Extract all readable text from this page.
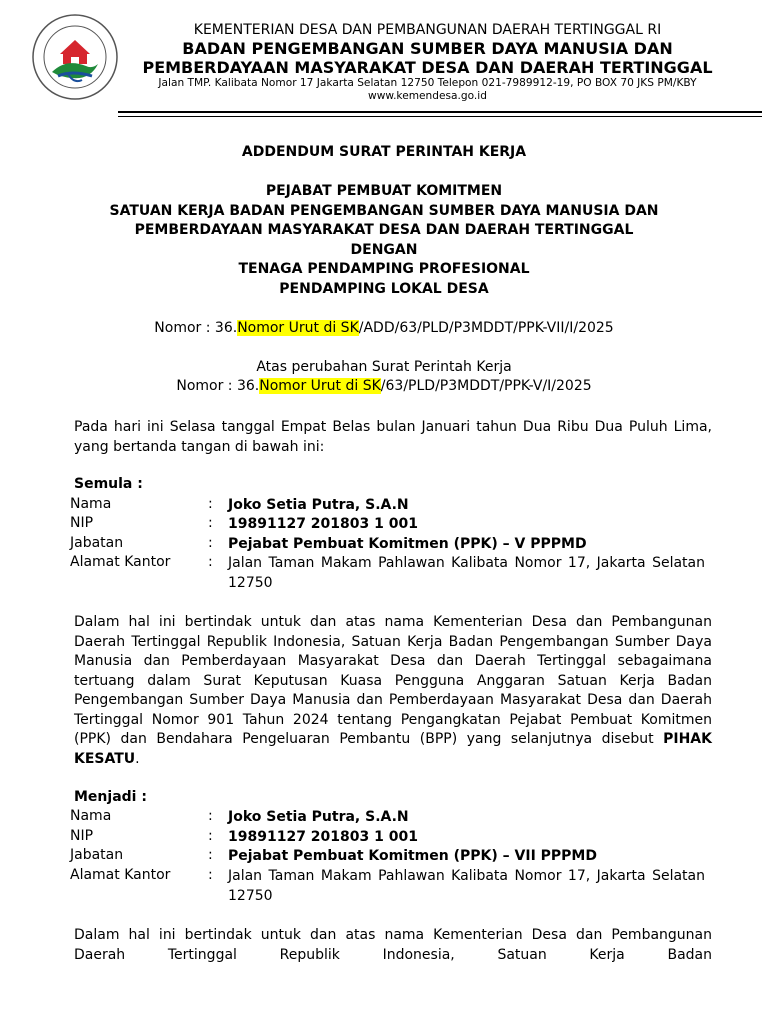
KEMENTERIAN DESA DAN PEMBANGUNAN DAERAH TERTINGGAL RI
BADAN PENGEMBANGAN SUMBER DAYA MANUSIA DAN
PEMBERDAYAAN MASYARAKAT DESA DAN DAERAH TERTINGGAL
Jalan TMP. Kalibata Nomor 17 Jakarta Selatan 12750 Telepon 021-7989912-19, PO BOX 70 JKS PM/KBY
www.kemendesa.go.id
ADDENDUM SURAT PERINTAH KERJA
PEJABAT PEMBUAT KOMITMEN
SATUAN KERJA BADAN PENGEMBANGAN SUMBER DAYA MANUSIA DAN
PEMBERDAYAAN MASYARAKAT DESA DAN DAERAH TERTINGGAL
DENGAN
TENAGA PENDAMPING PROFESIONAL
PENDAMPING LOKAL DESA
Nomor : 36.Nomor Urut di SK/ADD/63/PLD/P3MDDT/PPK-VII/I/2025
Atas perubahan Surat Perintah Kerja
Nomor : 36.Nomor Urut di SK/63/PLD/P3MDDT/PPK-V/I/2025
Pada hari ini Selasa tanggal Empat Belas bulan Januari tahun Dua Ribu Dua Puluh Lima, yang bertanda tangan di bawah ini:
Semula :
Nama	: Joko Setia Putra, S.A.N
NIP	: 19891127 201803 1 001
Jabatan	: Pejabat Pembuat Komitmen (PPK) – V PPPMD
Alamat Kantor	: Jalan Taman Makam Pahlawan Kalibata Nomor 17, Jakarta Selatan 12750
Dalam hal ini bertindak untuk dan atas nama Kementerian Desa dan Pembangunan Daerah Tertinggal Republik Indonesia, Satuan Kerja Badan Pengembangan Sumber Daya Manusia dan Pemberdayaan Masyarakat Desa dan Daerah Tertinggal sebagaimana tertuang dalam Surat Keputusan Kuasa Pengguna Anggaran Satuan Kerja Badan Pengembangan Sumber Daya Manusia dan Pemberdayaan Masyarakat Desa dan Daerah Tertinggal Nomor 901 Tahun 2024 tentang Pengangkatan Pejabat Pembuat Komitmen (PPK) dan Bendahara Pengeluaran Pembantu (BPP) yang selanjutnya disebut PIHAK KESATU.
Menjadi :
Nama	: Joko Setia Putra, S.A.N
NIP	: 19891127 201803 1 001
Jabatan	: Pejabat Pembuat Komitmen (PPK) – VII PPPMD
Alamat Kantor	: Jalan Taman Makam Pahlawan Kalibata Nomor 17, Jakarta Selatan 12750
Dalam hal ini bertindak untuk dan atas nama Kementerian Desa dan Pembangunan Daerah Tertinggal Republik Indonesia, Satuan Kerja Badan
